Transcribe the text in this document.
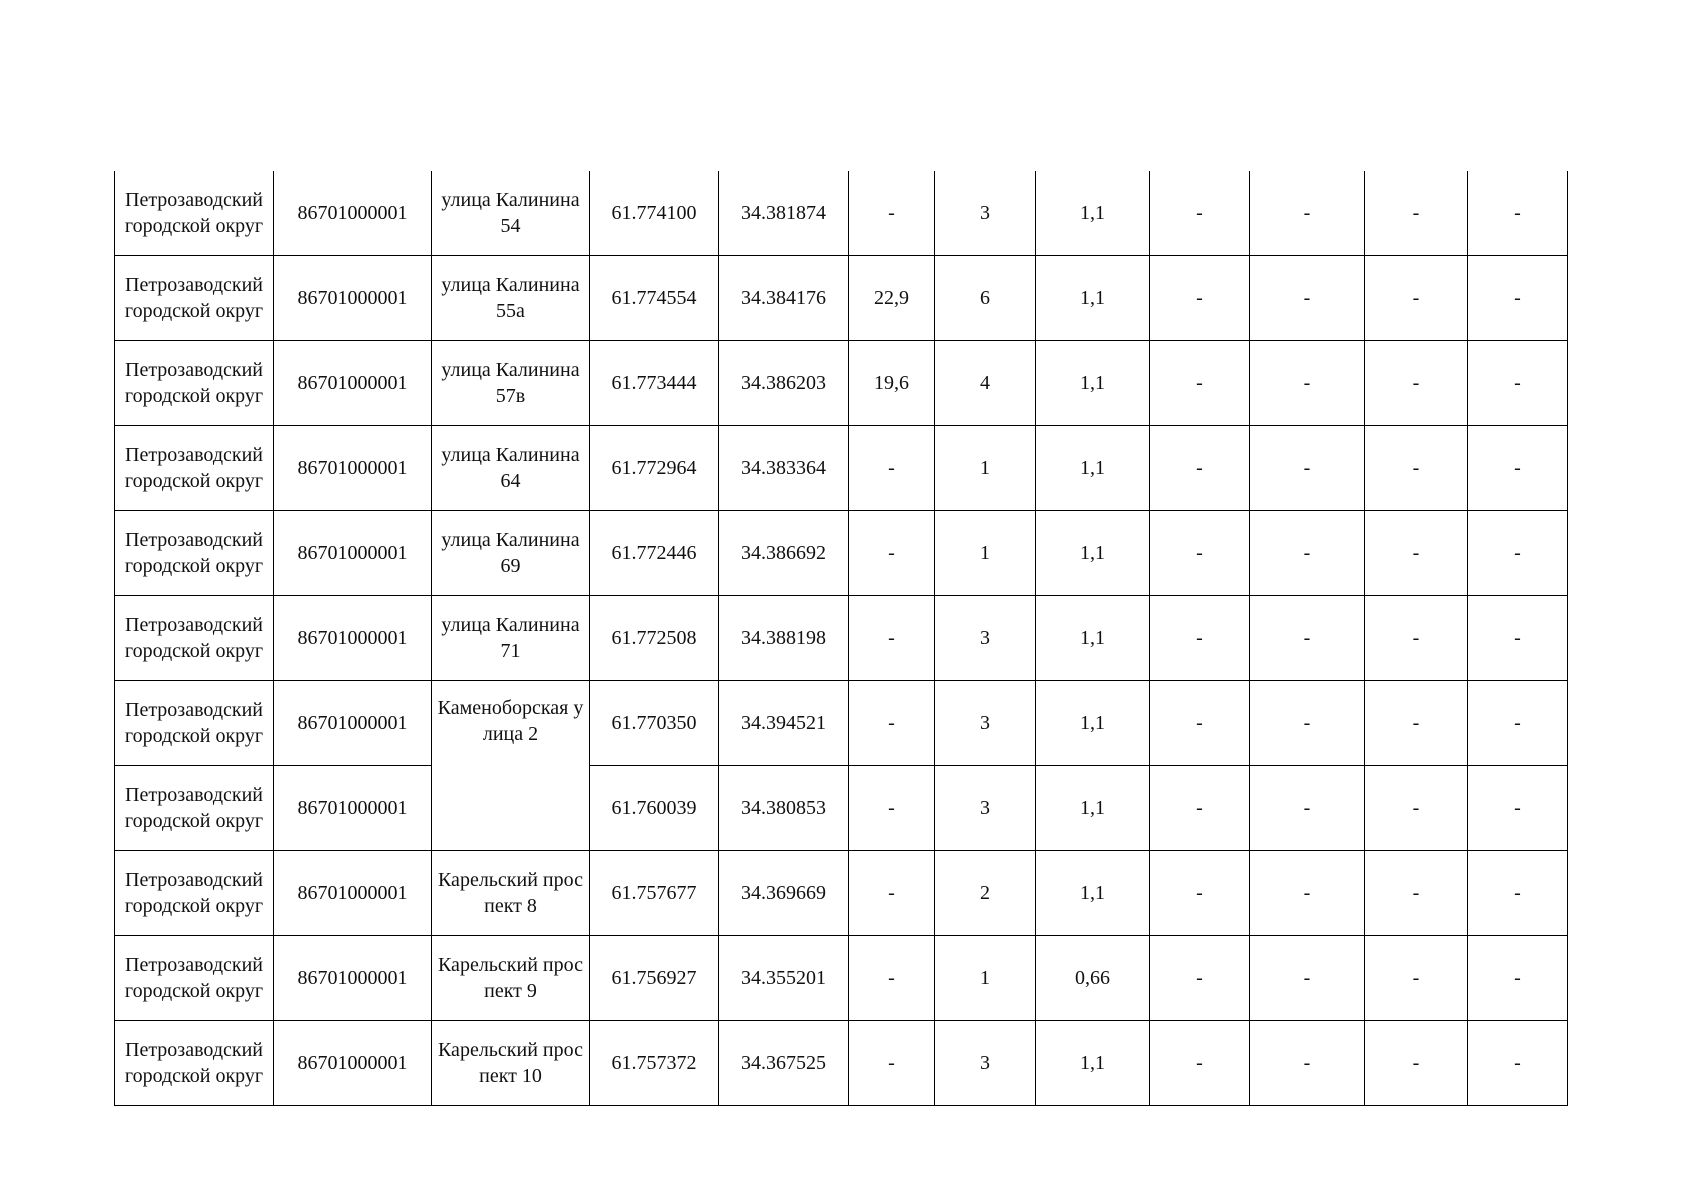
Петрозаводский городской округ	86701000001	улица Калинина 54	61.774100	34.381874	-	3	1,1	-	-	-	-
Петрозаводский городской округ	86701000001	улица Калинина 55а	61.774554	34.384176	22,9	6	1,1	-	-	-	-
Петрозаводский городской округ	86701000001	улица Калинина 57в	61.773444	34.386203	19,6	4	1,1	-	-	-	-
Петрозаводский городской округ	86701000001	улица Калинина 64	61.772964	34.383364	-	1	1,1	-	-	-	-
Петрозаводский городской округ	86701000001	улица Калинина 69	61.772446	34.386692	-	1	1,1	-	-	-	-
Петрозаводский городской округ	86701000001	улица Калинина 71	61.772508	34.388198	-	3	1,1	-	-	-	-
Петрозаводский городской округ	86701000001	Каменоборская улица 2	61.770350	34.394521	-	3	1,1	-	-	-	-
Петрозаводский городской округ	86701000001		61.760039	34.380853	-	3	1,1	-	-	-	-
Петрозаводский городской округ	86701000001	Карельский проспект 8	61.757677	34.369669	-	2	1,1	-	-	-	-
Петрозаводский городской округ	86701000001	Карельский проспект 9	61.756927	34.355201	-	1	0,66	-	-	-	-
Петрозаводский городской округ	86701000001	Карельский проспект 10	61.757372	34.367525	-	3	1,1	-	-	-	-
